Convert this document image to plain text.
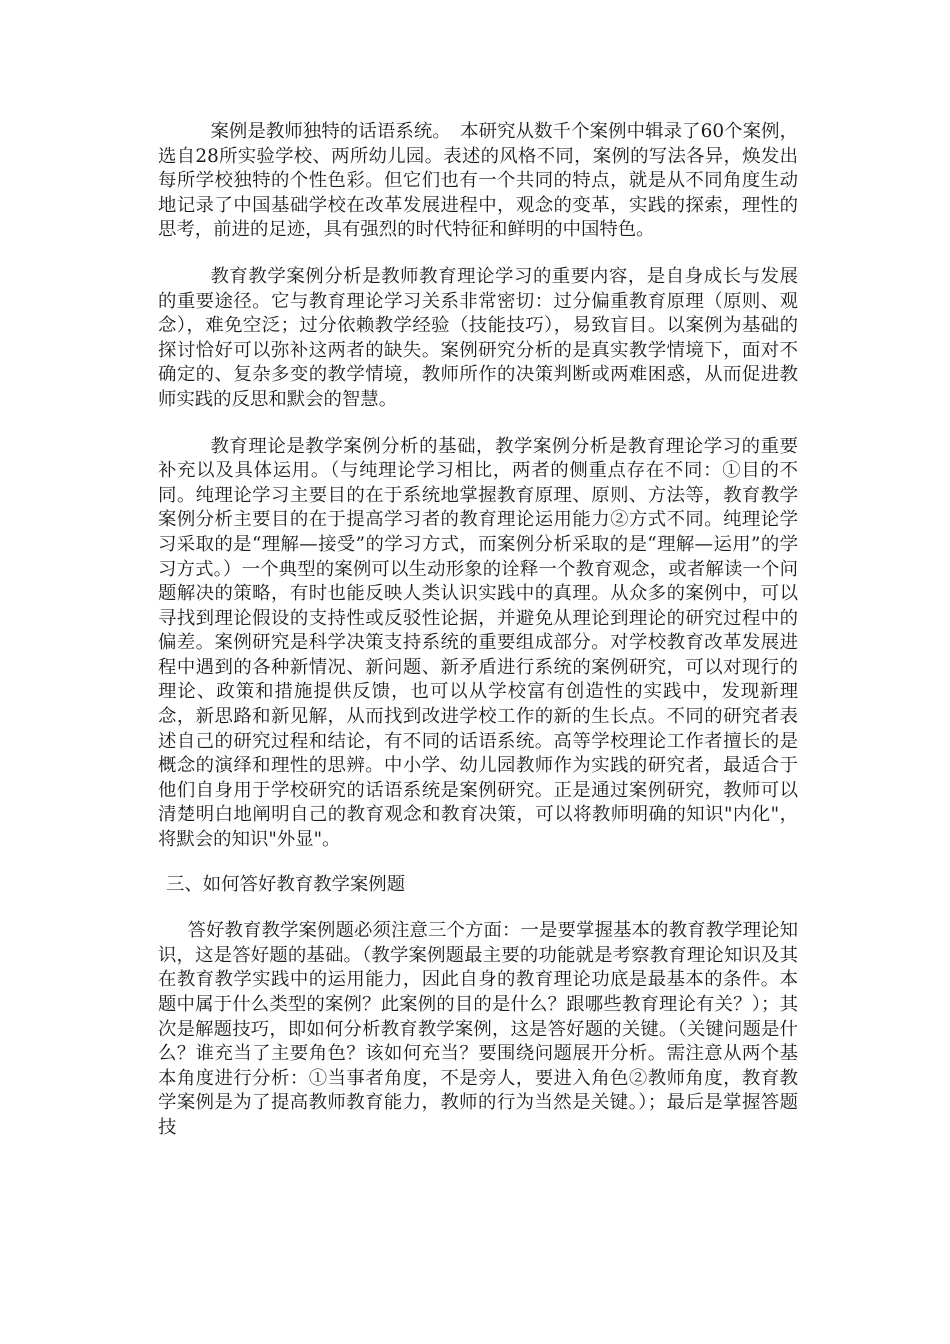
案例是教师独特的话语系统。　本研究从数千个案例中辑录了60个案例，选自28所实验学校、两所幼儿园。表述的风格不同，案例的写法各异，焕发出每所学校独特的个性色彩。但它们也有一个共同的特点，就是从不同角度生动地记录了中国基础学校在改革发展进程中，观念的变革，实践的探索，理性的思考，前进的足迹，具有强烈的时代特征和鲜明的中国特色。

教育教学案例分析是教师教育理论学习的重要内容，是自身成长与发展的重要途径。它与教育理论学习关系非常密切：过分偏重教育原理（原则、观念），难免空泛；过分依赖教学经验（技能技巧），易致盲目。以案例为基础的探讨恰好可以弥补这两者的缺失。案例研究分析的是真实教学情境下，面对不确定的、复杂多变的教学情境，教师所作的决策判断或两难困惑，从而促进教师实践的反思和默会的智慧。

教育理论是教学案例分析的基础，教学案例分析是教育理论学习的重要补充以及具体运用。（与纯理论学习相比，两者的侧重点存在不同：①目的不同。纯理论学习主要目的在于系统地掌握教育原理、原则、方法等，教育教学案例分析主要目的在于提高学习者的教育理论运用能力②方式不同。纯理论学习采取的是“理解—接受”的学习方式，而案例分析采取的是“理解—运用”的学习方式。）一个典型的案例可以生动形象的诠释一个教育观念，或者解读一个问题解决的策略，有时也能反映人类认识实践中的真理。从众多的案例中，可以寻找到理论假设的支持性或反驳性论据，并避免从理论到理论的研究过程中的偏差。案例研究是科学决策支持系统的重要组成部分。对学校教育改革发展进程中遇到的各种新情况、新问题、新矛盾进行系统的案例研究，可以对现行的理论、政策和措施提供反馈，也可以从学校富有创造性的实践中，发现新理念，新思路和新见解，从而找到改进学校工作的新的生长点。不同的研究者表述自己的研究过程和结论，有不同的话语系统。高等学校理论工作者擅长的是概念的演绎和理性的思辨。中小学、幼儿园教师作为实践的研究者，最适合于他们自身用于学校研究的话语系统是案例研究。正是通过案例研究，教师可以清楚明白地阐明自己的教育观念和教育决策，可以将教师明确的知识"内化"，将默会的知识"外显"。

三、如何答好教育教学案例题

答好教育教学案例题必须注意三个方面：一是要掌握基本的教育教学理论知识，这是答好题的基础。（教学案例题最主要的功能就是考察教育理论知识及其在教育教学实践中的运用能力，因此自身的教育理论功底是最基本的条件。本题中属于什么类型的案例？此案例的目的是什么？跟哪些教育理论有关？）；其次是解题技巧，即如何分析教育教学案例，这是答好题的关键。（关键问题是什么？谁充当了主要角色？该如何充当？要围绕问题展开分析。需注意从两个基本角度进行分析：①当事者角度，不是旁人，要进入角色②教师角度，教育教学案例是为了提高教师教育能力，教师的行为当然是关键。）；最后是掌握答题技
